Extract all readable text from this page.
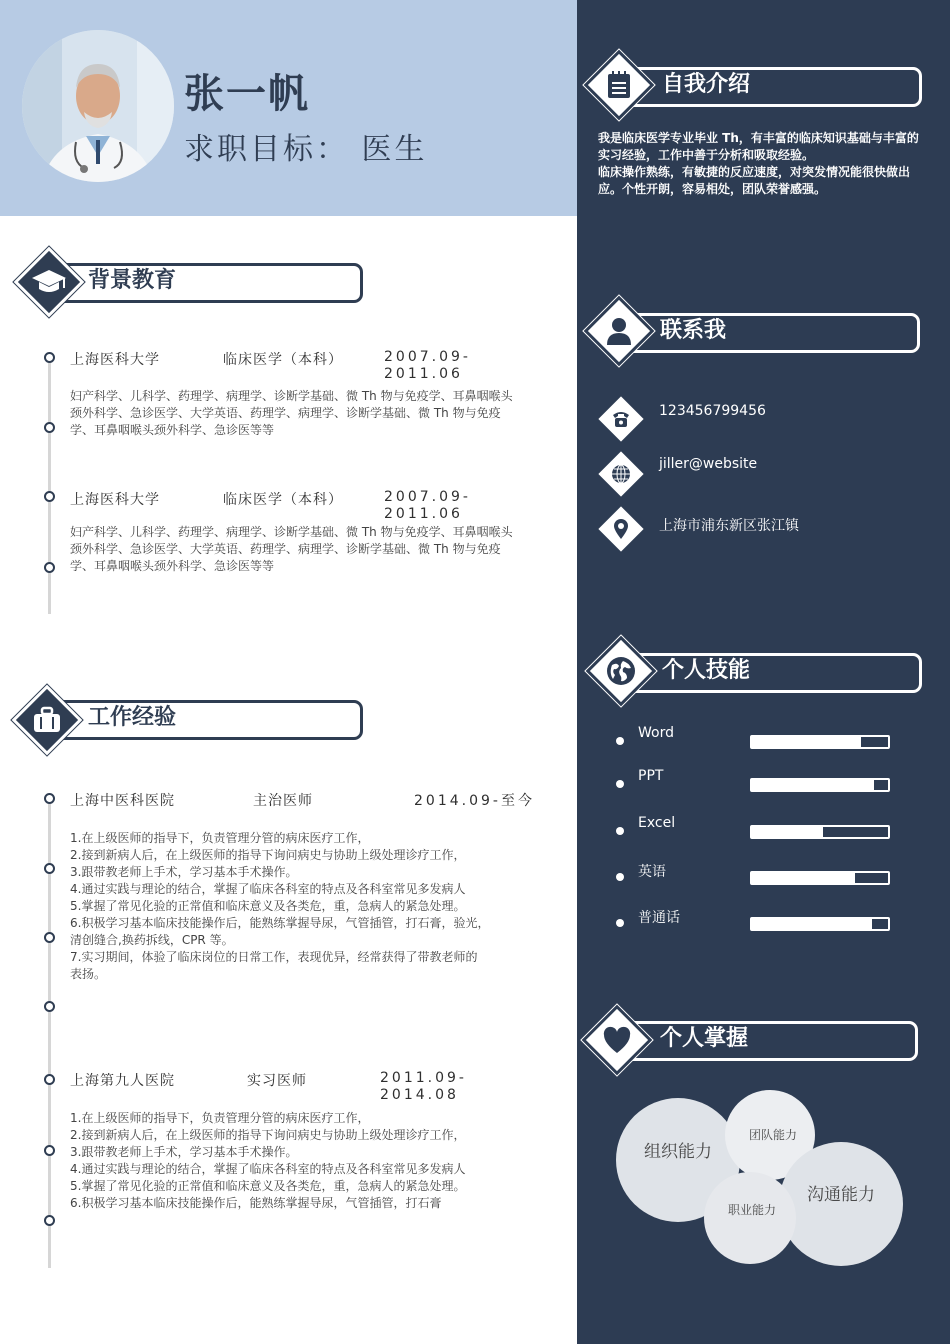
张一帆
求职目标： 医生
背景教育
上海医科大学	临床医学（本科）	2007.09-2011.06
妇产科学、儿科学、药理学、病理学、诊断学基础、微 Th 物与免疫学、耳鼻咽喉头颈外科学、急诊医学、大学英语、药理学、病理学、诊断学基础、微 Th 物与免疫学、耳鼻咽喉头颈外科学、急诊医等等
上海医科大学	临床医学（本科）	2007.09-2011.06
妇产科学、儿科学、药理学、病理学、诊断学基础、微 Th 物与免疫学、耳鼻咽喉头颈外科学、急诊医学、大学英语、药理学、病理学、诊断学基础、微 Th 物与免疫学、耳鼻咽喉头颈外科学、急诊医等等
工作经验
上海中医科医院	主治医师	2014.09-至今
1.在上级医师的指导下，负责管理分管的病床医疗工作，
2.接到新病人后，在上级医师的指导下询问病史与协助上级处理诊疗工作，
3.跟带教老师上手术，学习基本手术操作。
4.通过实践与理论的结合，掌握了临床各科室的特点及各科室常见多发病人
5.掌握了常见化验的正常值和临床意义及各类危，重，急病人的紧急处理。
6.积极学习基本临床技能操作后，能熟练掌握导尿，气管插管，打石膏，验光，
清创缝合,换药拆线，CPR 等。
7.实习期间，体验了临床岗位的日常工作，表现优异，经常获得了带教老师的
表扬。
上海第九人医院	实习医师	2011.09-2014.08
1.在上级医师的指导下，负责管理分管的病床医疗工作，
2.接到新病人后，在上级医师的指导下询问病史与协助上级处理诊疗工作，
3.跟带教老师上手术，学习基本手术操作。
4.通过实践与理论的结合，掌握了临床各科室的特点及各科室常见多发病人
5.掌握了常见化验的正常值和临床意义及各类危，重，急病人的紧急处理。
6.积极学习基本临床技能操作后，能熟练掌握导尿，气管插管，打石膏
自我介绍
我是临床医学专业毕业 Th，有丰富的临床知识基础与丰富的实习经验，工作中善于分析和吸取经验。
临床操作熟练，有敏捷的反应速度，对突发情况能很快做出应。个性开朗，容易相处，团队荣誉感强。
联系我
123456799456
jiller@website
上海市浦东新区张江镇
个人技能
Word
PPT
Excel
英语
普通话
个人掌握
组织能力
团队能力
沟通能力
职业能力
